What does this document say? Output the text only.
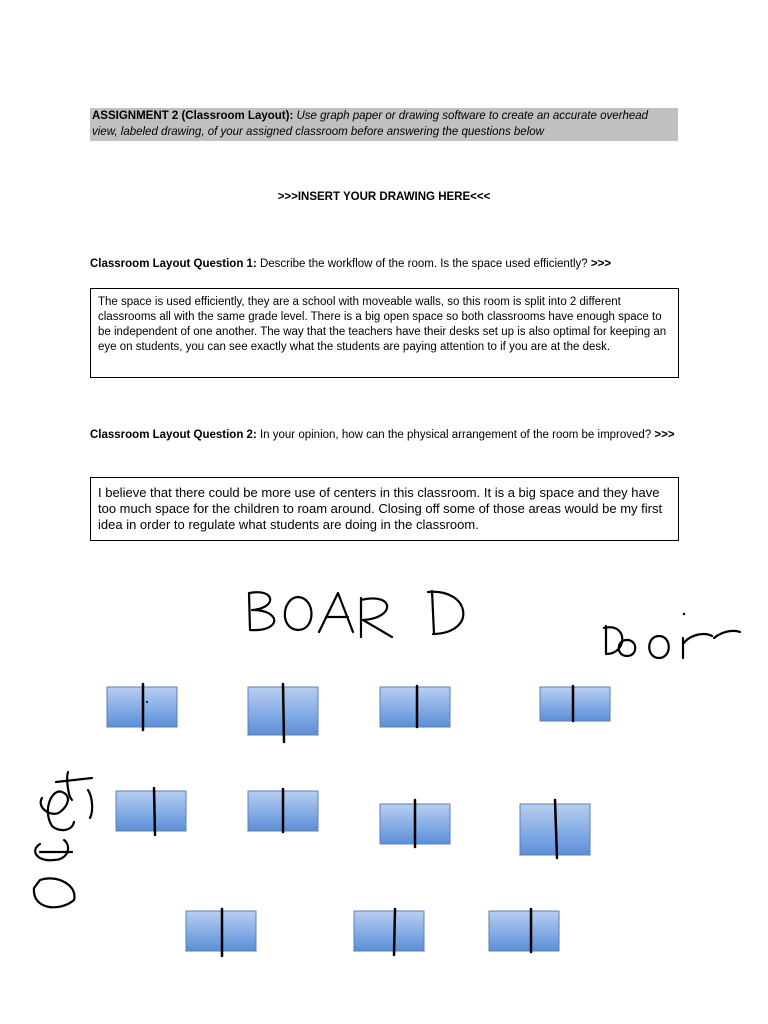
ASSIGNMENT 2 (Classroom Layout): Use graph paper or drawing software to create an accurate overhead view, labeled drawing, of your assigned classroom before answering the questions below
>>>INSERT YOUR DRAWING HERE<<<
Classroom Layout Question 1: Describe the workflow of the room. Is the space used efficiently? >>>
The space is used efficiently, they are a school with moveable walls, so this room is split into 2 different classrooms all with the same grade level. There is a big open space so both classrooms have enough space to be independent of one another. The way that the teachers have their desks set up is also optimal for keeping an eye on students, you can see exactly what the students are paying attention to if you are at the desk.
Classroom Layout Question 2: In your opinion, how can the physical arrangement of the room be improved? >>>
I believe that there could be more use of centers in this classroom. It is a big space and they have too much space for the children to roam around. Closing off some of those areas would be my first idea in order to regulate what students are doing in the classroom.
